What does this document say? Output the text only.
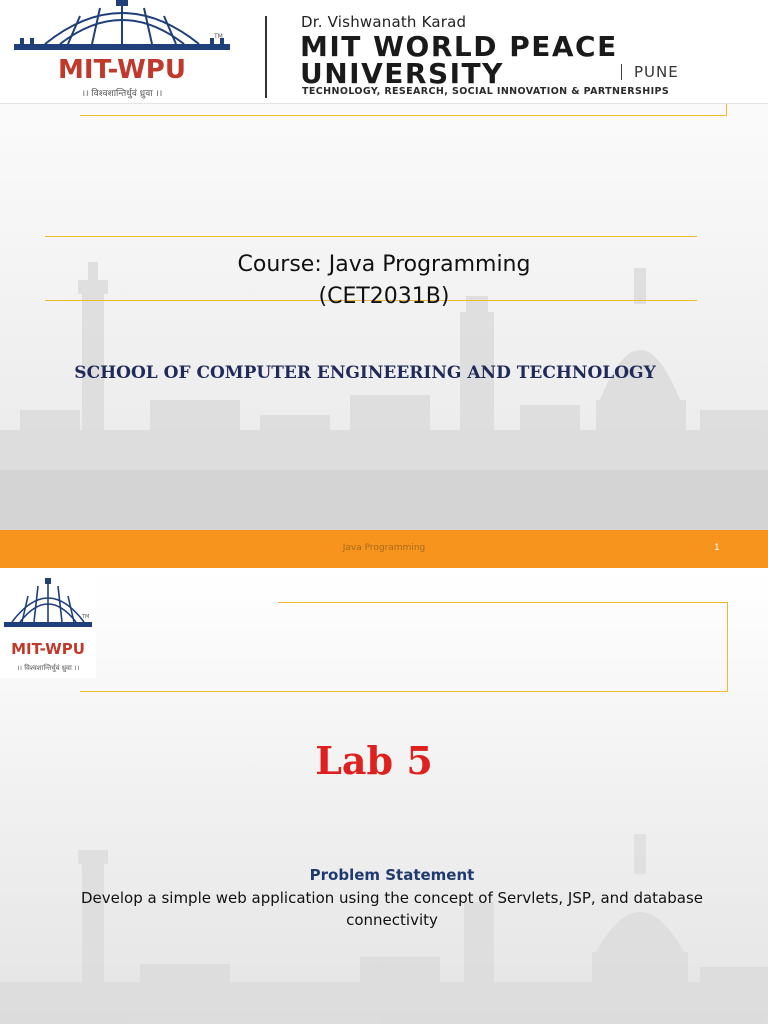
TM
MIT-WPU
।। विश्वशान्तिर्धुवं ध्रुवा ।।
Dr. Vishwanath Karad
MIT WORLD PEACE
UNIVERSITY	PUNE
TECHNOLOGY, RESEARCH, SOCIAL INNOVATION & PARTNERSHIPS
Course: Java Programming
(CET2031B)
SCHOOL OF COMPUTER ENGINEERING AND TECHNOLOGY
Java Programming	1
TM
MIT-WPU
।। विश्वशान्तिर्धुवं ध्रुवा ।।
Lab 5
Problem Statement
Develop a simple web application using the concept of Servlets, JSP, and database connectivity
